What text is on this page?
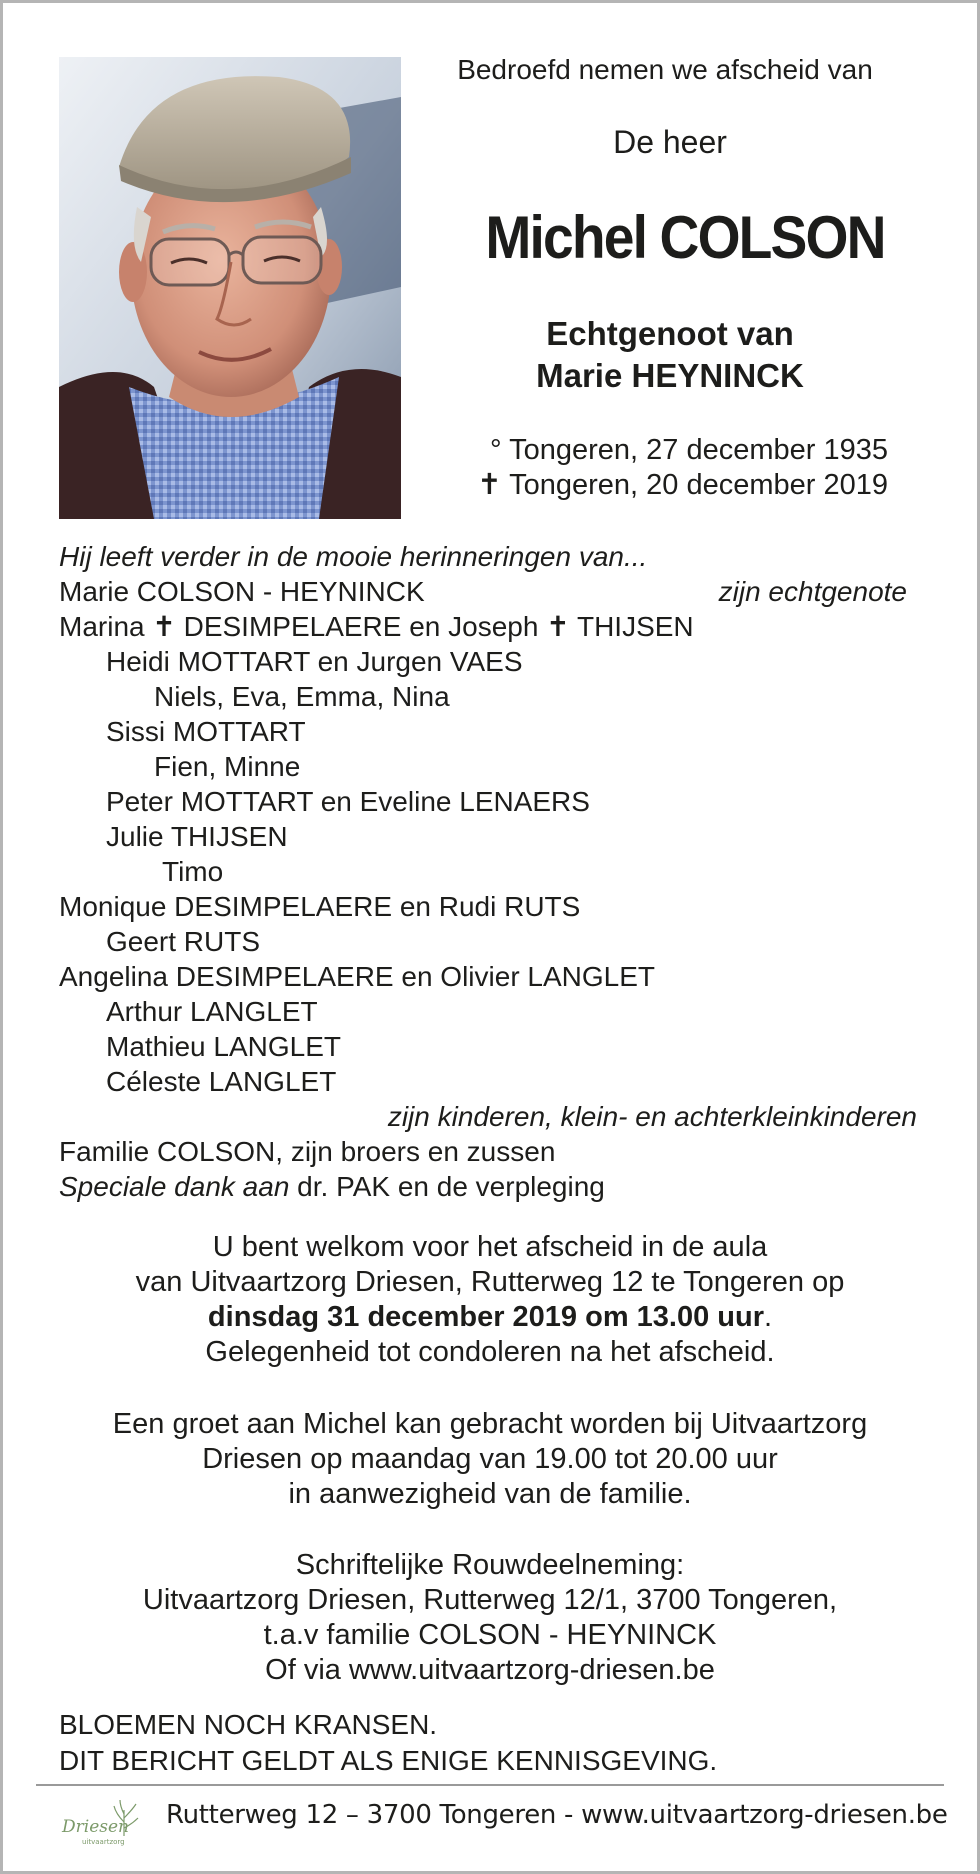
Bedroefd nemen we afscheid van
De heer
Michel COLSON
Echtgenoot van
Marie HEYNINCK
° Tongeren, 27 december 1935
✝ Tongeren, 20 december 2019
Hij leeft verder in de mooie herinneringen van...
Marie COLSON - HEYNINCK	zijn echtgenote
Marina ✝ DESIMPELAERE en Joseph ✝ THIJSEN
Heidi MOTTART en Jurgen VAES
Niels, Eva, Emma, Nina
Sissi MOTTART
Fien, Minne
Peter MOTTART en Eveline LENAERS
Julie THIJSEN
Timo
Monique DESIMPELAERE en Rudi RUTS
Geert RUTS
Angelina DESIMPELAERE en Olivier LANGLET
Arthur LANGLET
Mathieu LANGLET
Céleste LANGLET
zijn kinderen, klein- en achterkleinkinderen
Familie COLSON, zijn broers en zussen
Speciale dank aan dr. PAK en de verpleging
U bent welkom voor het afscheid in de aula
van Uitvaartzorg Driesen, Rutterweg 12 te Tongeren op
dinsdag 31 december 2019 om 13.00 uur.
Gelegenheid tot condoleren na het afscheid.
Een groet aan Michel kan gebracht worden bij Uitvaartzorg
Driesen op maandag van 19.00 tot 20.00 uur
in aanwezigheid van de familie.
Schriftelijke Rouwdeelneming:
Uitvaartzorg Driesen, Rutterweg 12/1, 3700 Tongeren,
t.a.v familie COLSON - HEYNINCK
Of via www.uitvaartzorg-driesen.be
BLOEMEN NOCH KRANSEN.
DIT BERICHT GELDT ALS ENIGE KENNISGEVING.
Driesen
uitvaartzorg
Rutterweg 12 – 3700 Tongeren - www.uitvaartzorg-driesen.be
